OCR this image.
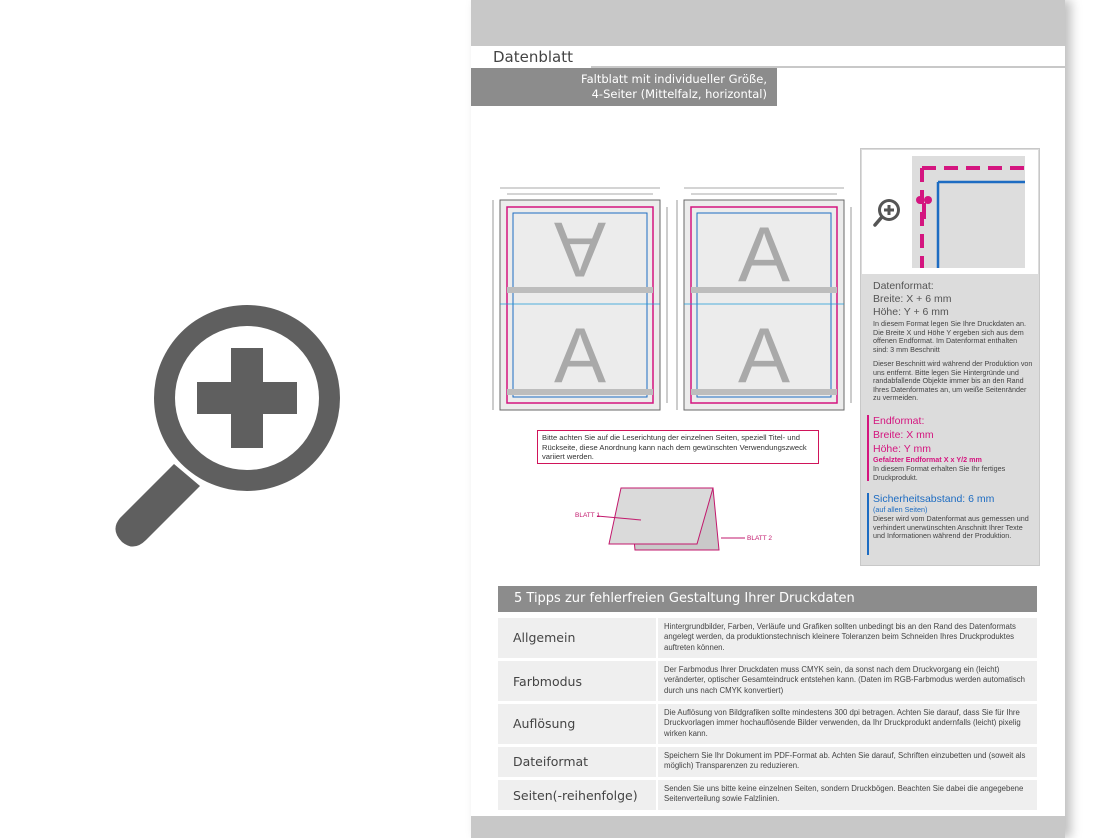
Datenblatt
Faltblatt mit individueller Größe,
4-Seiter (Mittelfalz, horizontal)
A
A
A
A
Bitte achten Sie auf die Leserichtung der einzelnen Seiten, speziell Titel- und Rückseite, diese Anordnung kann nach dem gewünschten Verwendungszweck variiert werden.
BLATT 1
BLATT 2
Datenformat:
Breite: X + 6 mm
Höhe: Y + 6 mm
In diesem Format legen Sie Ihre Druckdaten an. Die Breite X und Höhe Y ergeben sich aus dem offenen Endformat. Im Datenformat enthalten sind: 3 mm Beschnitt
Dieser Beschnitt wird während der Produktion von uns entfernt. Bitte legen Sie Hintergründe und randabfallende Objekte immer bis an den Rand Ihres Datenformates an, um weiße Seitenränder zu vermeiden.
Endformat:
Breite: X mm
Höhe: Y mm
Gefalzter Endformat X x Y/2 mm
In diesem Format erhalten Sie Ihr fertiges Druckprodukt.
Sicherheitsabstand: 6 mm
(auf allen Seiten)
Dieser wird vom Datenformat aus gemessen und verhindert unerwünschten Anschnitt Ihrer Texte und Informationen während der Produktion.
5 Tipps zur fehlerfreien Gestaltung Ihrer Druckdaten
Allgemein
Hintergrundbilder, Farben, Verläufe und Grafiken sollten unbedingt bis an den Rand des Datenformats angelegt werden, da produktionstechnisch kleinere Toleranzen beim Schneiden Ihres Druckproduktes auftreten können.
Farbmodus
Der Farbmodus Ihrer Druckdaten muss CMYK sein, da sonst nach dem Druckvorgang ein (leicht) veränderter, optischer Gesamteindruck entstehen kann. (Daten im RGB-Farbmodus werden automatisch durch uns nach CMYK konvertiert)
Auflösung
Die Auflösung von Bildgrafiken sollte mindestens 300 dpi betragen. Achten Sie darauf, dass Sie für Ihre Druckvorlagen immer hochauflösende Bilder verwenden, da Ihr Druckprodukt andernfalls (leicht) pixelig wirken kann.
Dateiformat	Speichern Sie Ihr Dokument im PDF-Format ab. Achten Sie darauf, Schriften einzubetten und (soweit als möglich) Transparenzen zu reduzieren.
Seiten(-reihenfolge)	Senden Sie uns bitte keine einzelnen Seiten, sondern Druckbögen. Beachten Sie dabei die angegebene Seitenverteilung sowie Falzlinien.
